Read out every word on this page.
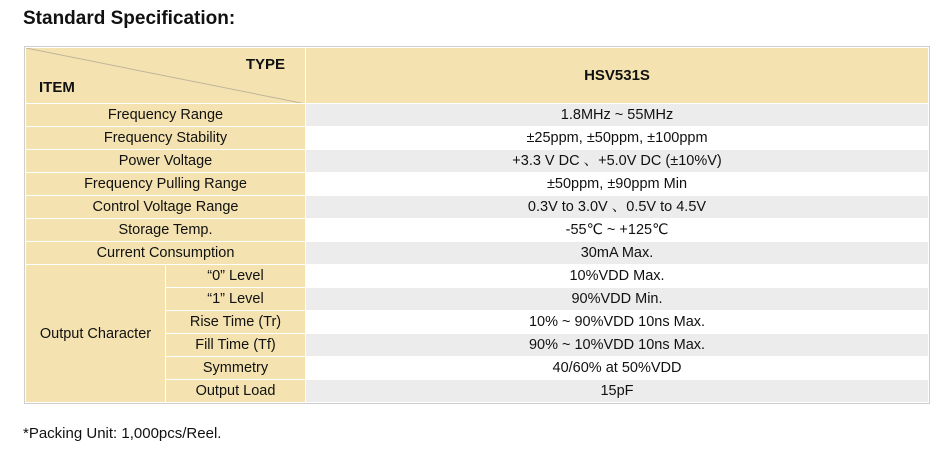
Standard Specification:
TYPE
ITEM		HSV531S
Frequency Range		1.8MHz ~ 55MHz
Frequency Stability		±25ppm, ±50ppm, ±100ppm
Power Voltage		+3.3 V DC 、+5.0V DC (±10%V)
Frequency Pulling Range		±50ppm, ±90ppm Min
Control Voltage Range		0.3V to 3.0V 、0.5V to 4.5V
Storage Temp.		-55℃ ~ +125℃
Current Consumption		30mA Max.
Output Character	“0” Level	10%VDD Max.
	“1” Level	90%VDD Min.
	Rise Time (Tr)	10% ~ 90%VDD 10ns Max.
	Fill Time (Tf)	90% ~ 10%VDD 10ns Max.
	Symmetry	40/60% at 50%VDD
	Output Load	15pF
*Packing Unit: 1,000pcs/Reel.
